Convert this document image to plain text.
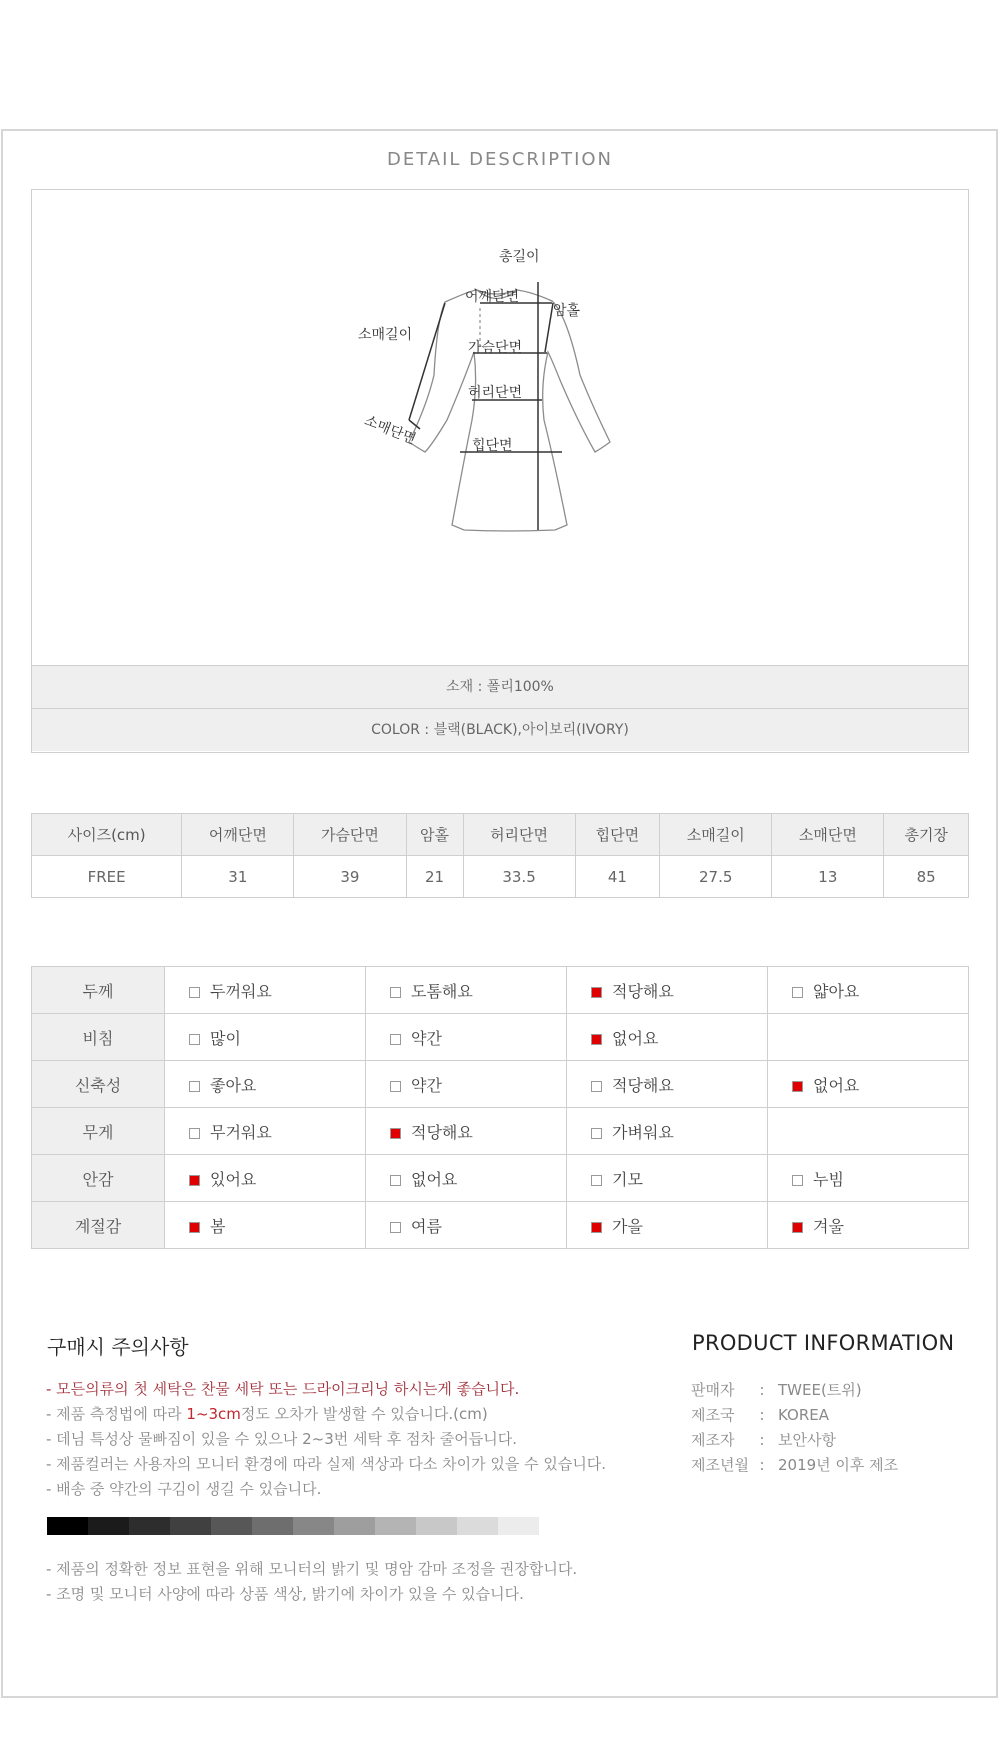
DETAIL DESCRIPTION
총길이
어깨단면
암홀
소매길이
가슴단면
허리단면
소매단면	힙단면
소재 : 폴리100%
COLOR : 블랙(BLACK),아이보리(IVORY)
사이즈(cm)	어깨단면	가슴단면	암홀	허리단면	힙단면	소매길이	소매단면	총기장
FREE	31	39	21	33.5	41	27.5	13	85
두께	두꺼워요	도톰해요	적당해요	얇아요
비침	많이	약간	없어요	
신축성	좋아요	약간	적당해요	없어요
무게	무거워요	적당해요	가벼워요	
안감	있어요	없어요	기모	누빔
계절감	봄	여름	가을	겨울
구매시 주의사항
- 모든의류의 첫 세탁은 찬물 세탁 또는 드라이크리닝 하시는게 좋습니다.
- 제품 측정법에 따라 1~3cm정도 오차가 발생할 수 있습니다.(cm)
- 데님 특성상 물빠짐이 있을 수 있으나 2~3번 세탁 후 점차 줄어듭니다.
- 제품컬러는 사용자의 모니터 환경에 따라 실제 색상과 다소 차이가 있을 수 있습니다.
- 배송 중 약간의 구김이 생길 수 있습니다.
- 제품의 정확한 정보 표현을 위해 모니터의 밝기 및 명암 감마 조정을 권장합니다.
- 조명 및 모니터 사양에 따라 상품 색상, 밝기에 차이가 있을 수 있습니다.
PRODUCT INFORMATION
판매자 : TWEE(트위)
제조국 : KOREA
제조자 : 보안사항
제조년월 : 2019년 이후 제조
